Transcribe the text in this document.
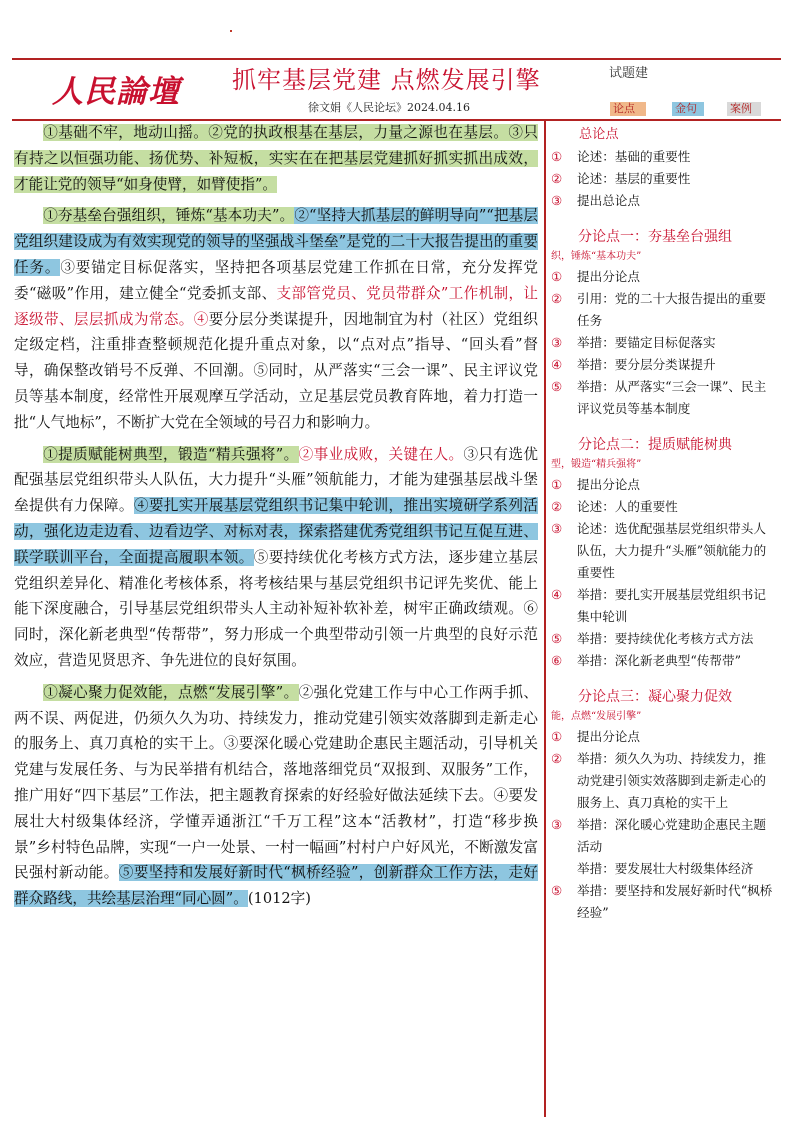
人民論壇 抓牢基层党建 点燃发展引擎
徐文娟《人民论坛》2024.04.16
试题建
论点	金句	案例

①基础不牢，地动山摇。②党的执政根基在基层，力量之源也在基层。③只有持之以恒强功能、扬优势、补短板，实实在在把基层党建抓好抓实抓出成效，才能让党的领导“如身使臂，如臂使指”。

①夯基垒台强组织，锤炼“基本功夫”。②“坚持大抓基层的鲜明导向”“把基层党组织建设成为有效实现党的领导的坚强战斗堡垒”是党的二十大报告提出的重要任务。③要锚定目标促落实，坚持把各项基层党建工作抓在日常，充分发挥党委“磁吸”作用，建立健全“党委抓支部、支部管党员、党员带群众”工作机制，让逐级带、层层抓成为常态。④要分层分类谋提升，因地制宜为村（社区）党组织定级定档，注重排查整顿规范化提升重点对象，以“点对点”指导、“回头看”督导，确保整改销号不反弹、不回潮。⑤同时，从严落实“三会一课”、民主评议党员等基本制度，经常性开展观摩互学活动，立足基层党员教育阵地，着力打造一批“人气地标”，不断扩大党在全领域的号召力和影响力。

①提质赋能树典型，锻造“精兵强将”。②事业成败，关键在人。③只有选优配强基层党组织带头人队伍，大力提升“头雁”领航能力，才能为建强基层战斗堡垒提供有力保障。④要扎实开展基层党组织书记集中轮训，推出实境研学系列活动，强化边走边看、边看边学、对标对表，探索搭建优秀党组织书记互促互进、联学联训平台，全面提高履职本领。⑤要持续优化考核方式方法，逐步建立基层党组织差异化、精准化考核体系，将考核结果与基层党组织书记评先奖优、能上能下深度融合，引导基层党组织带头人主动补短补软补差，树牢正确政绩观。⑥同时，深化新老典型“传帮带”，努力形成一个典型带动引领一片典型的良好示范效应，营造见贤思齐、争先进位的良好氛围。

①凝心聚力促效能，点燃“发展引擎”。②强化党建工作与中心工作两手抓、两不误、两促进，仍须久久为功、持续发力，推动党建引领实效落脚到走新走心的服务上、真刀真枪的实干上。③要深化暖心党建助企惠民主题活动，引导机关党建与发展任务、与为民举措有机结合，落地落细党员“双报到、双服务”工作，推广用好“四下基层”工作法，把主题教育探索的好经验好做法延续下去。④要发展壮大村级集体经济，学懂弄通浙江“千万工程”这本“活教材”，打造“移步换景”乡村特色品牌，实现“一户一处景、一村一幅画”村村户户好风光，不断激发富民强村新动能。⑤要坚持和发展好新时代“枫桥经验”，创新群众工作方法，走好群众路线，共绘基层治理“同心圆”。(1012字)

总论点
① 论述：基础的重要性
② 论述：基层的重要性
③ 提出总论点
分论点一：夯基垒台强组
织，锤炼“基本功夫”
① 提出分论点
② 引用：党的二十大报告提出的重要任务
③ 举措：要锚定目标促落实
④ 举措：要分层分类谋提升
⑤ 举措：从严落实“三会一课”、民主评议党员等基本制度
分论点二：提质赋能树典
型，锻造“精兵强将”
① 提出分论点
② 论述：人的重要性
③ 论述：选优配强基层党组织带头人队伍，大力提升“头雁”领航能力的重要性
④ 举措：要扎实开展基层党组织书记集中轮训
⑤ 举措：要持续优化考核方式方法
⑥ 举措：深化新老典型“传帮带”
分论点三：凝心聚力促效
能，点燃“发展引擎”
① 提出分论点
② 举措：须久久为功、持续发力，推动党建引领实效落脚到走新走心的服务上、真刀真枪的实干上
③ 举措：深化暖心党建助企惠民主题活动
举措：要发展壮大村级集体经济
⑤ 举措：要坚持和发展好新时代“枫桥经验”
